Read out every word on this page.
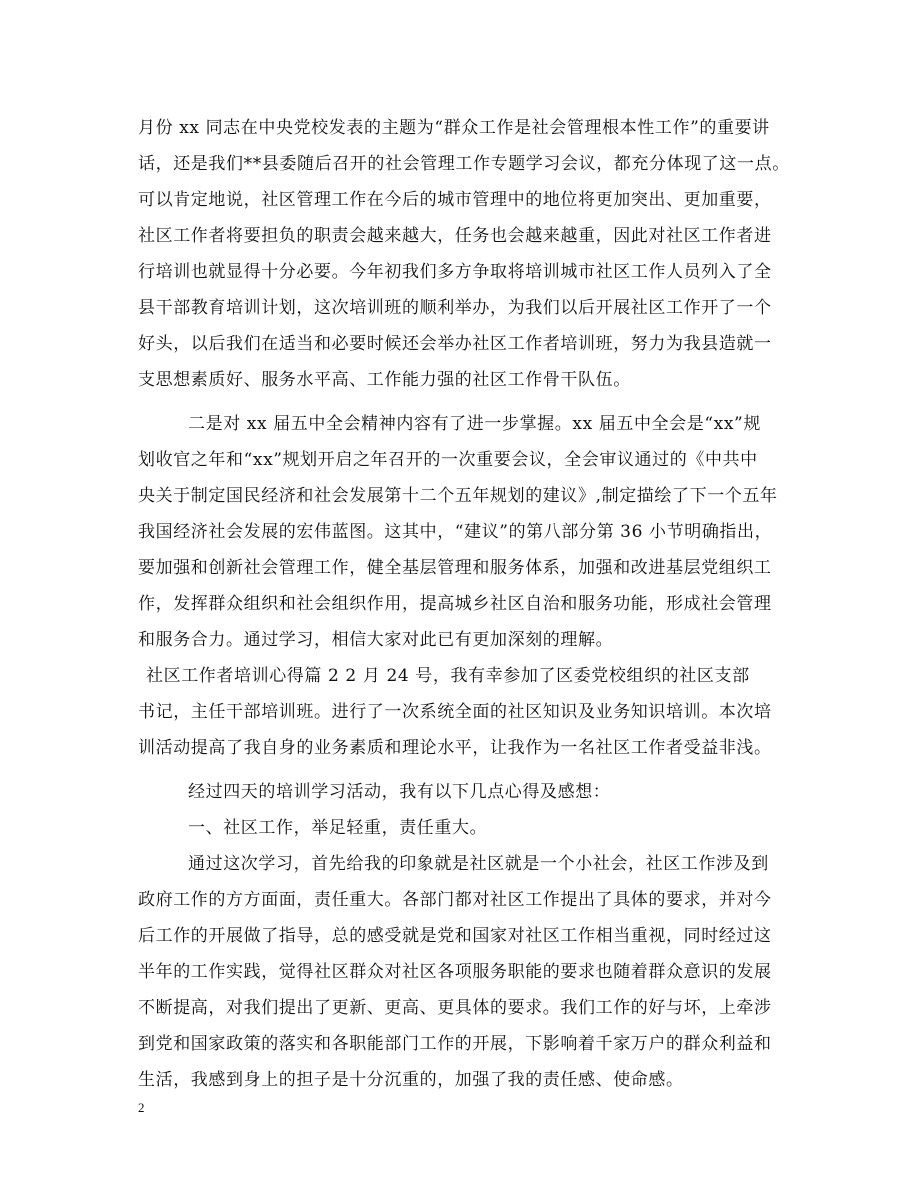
月份 xx 同志在中央党校发表的主题为“群众工作是社会管理根本性工作”的重要讲
话，还是我们**县委随后召开的社会管理工作专题学习会议，都充分体现了这一点。
可以肯定地说，社区管理工作在今后的城市管理中的地位将更加突出、更加重要，
社区工作者将要担负的职责会越来越大，任务也会越来越重，因此对社区工作者进
行培训也就显得十分必要。今年初我们多方争取将培训城市社区工作人员列入了全
县干部教育培训计划，这次培训班的顺利举办，为我们以后开展社区工作开了一个
好头，以后我们在适当和必要时候还会举办社区工作者培训班，努力为我县造就一
支思想素质好、服务水平高、工作能力强的社区工作骨干队伍。
二是对 xx 届五中全会精神内容有了进一步掌握。xx 届五中全会是“xx”规
划收官之年和“xx”规划开启之年召开的一次重要会议，全会审议通过的《中共中
央关于制定国民经济和社会发展第十二个五年规划的建议》,制定描绘了下一个五年
我国经济社会发展的宏伟蓝图。这其中，“建议”的第八部分第 36 小节明确指出，
要加强和创新社会管理工作，健全基层管理和服务体系，加强和改进基层党组织工
作，发挥群众组织和社会组织作用，提高城乡社区自治和服务功能，形成社会管理
和服务合力。通过学习，相信大家对此已有更加深刻的理解。
社区工作者培训心得篇 2 2 月 24 号，我有幸参加了区委党校组织的社区支部
书记，主任干部培训班。进行了一次系统全面的社区知识及业务知识培训。本次培
训活动提高了我自身的业务素质和理论水平，让我作为一名社区工作者受益非浅。
经过四天的培训学习活动，我有以下几点心得及感想：
一、社区工作，举足轻重，责任重大。
通过这次学习，首先给我的印象就是社区就是一个小社会，社区工作涉及到
政府工作的方方面面，责任重大。各部门都对社区工作提出了具体的要求，并对今
后工作的开展做了指导，总的感受就是党和国家对社区工作相当重视，同时经过这
半年的工作实践，觉得社区群众对社区各项服务职能的要求也随着群众意识的发展
不断提高，对我们提出了更新、更高、更具体的要求。我们工作的好与坏，上牵涉
到党和国家政策的落实和各职能部门工作的开展，下影响着千家万户的群众利益和
生活，我感到身上的担子是十分沉重的，加强了我的责任感、使命感。
2
